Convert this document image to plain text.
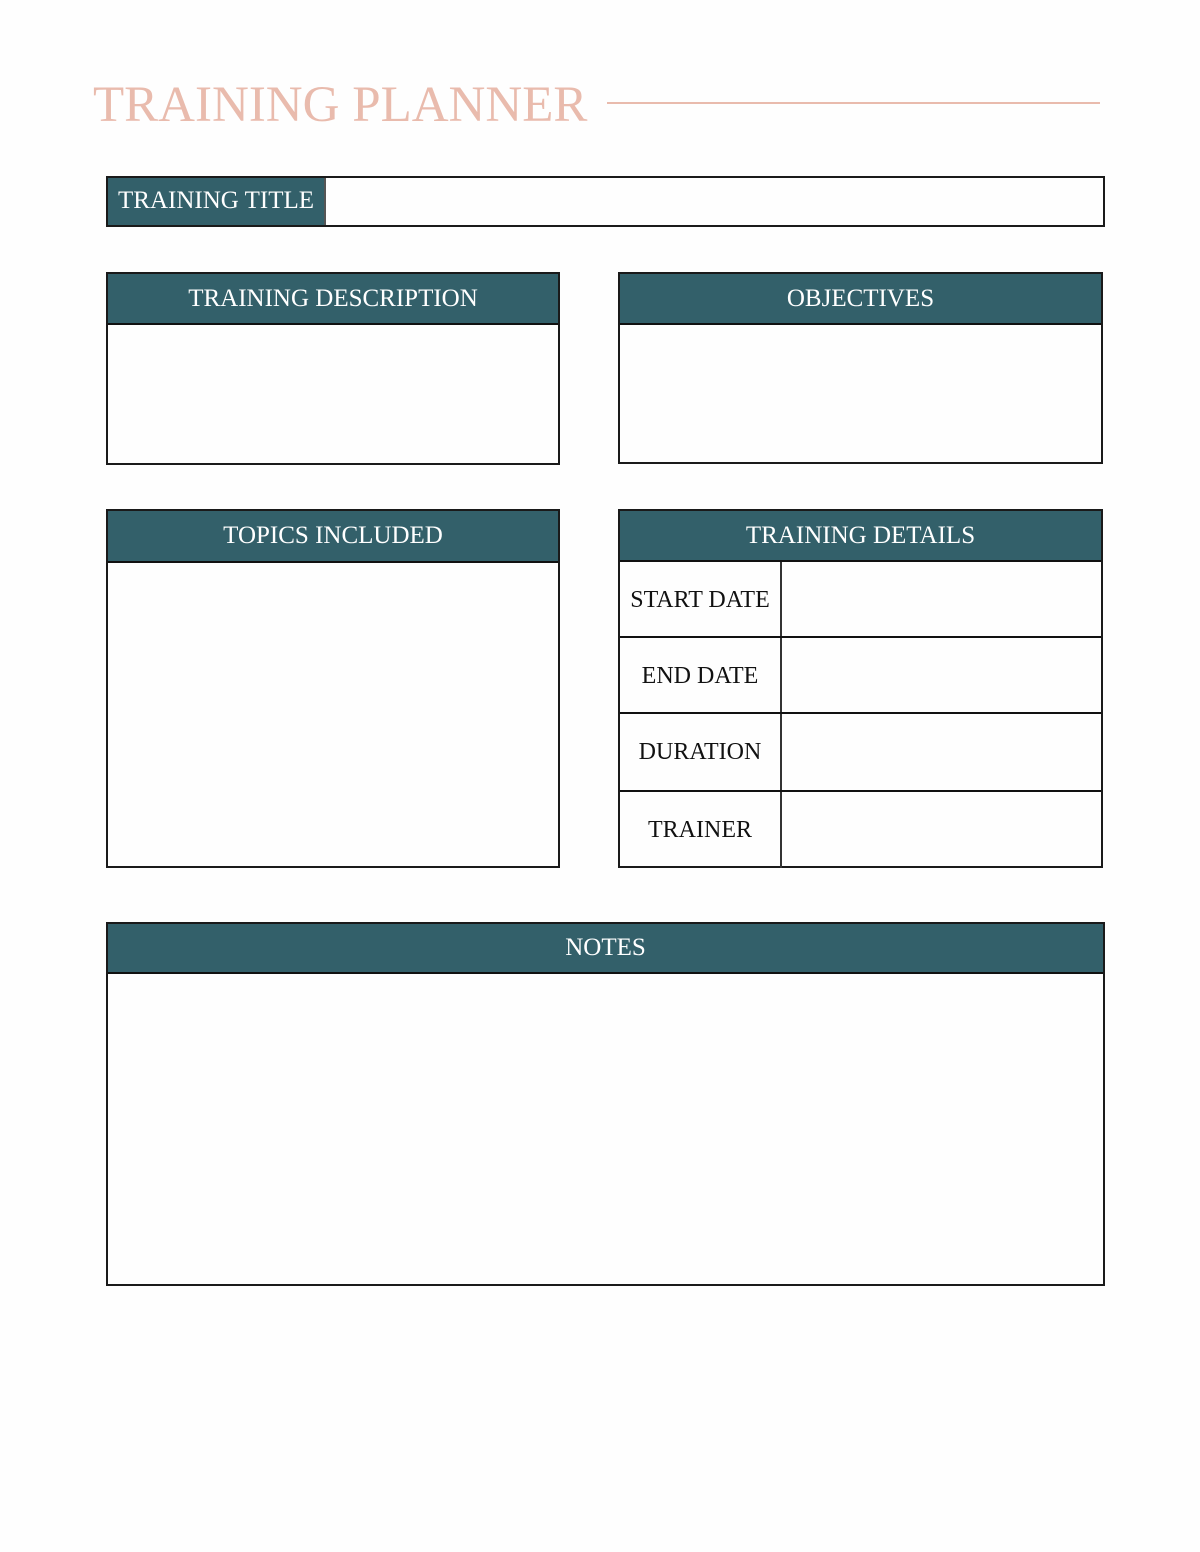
TRAINING PLANNER
TRAINING TITLE
TRAINING DESCRIPTION	OBJECTIVES
TOPICS INCLUDED	TRAINING DETAILS
START DATE
END DATE
DURATION
TRAINER
NOTES
